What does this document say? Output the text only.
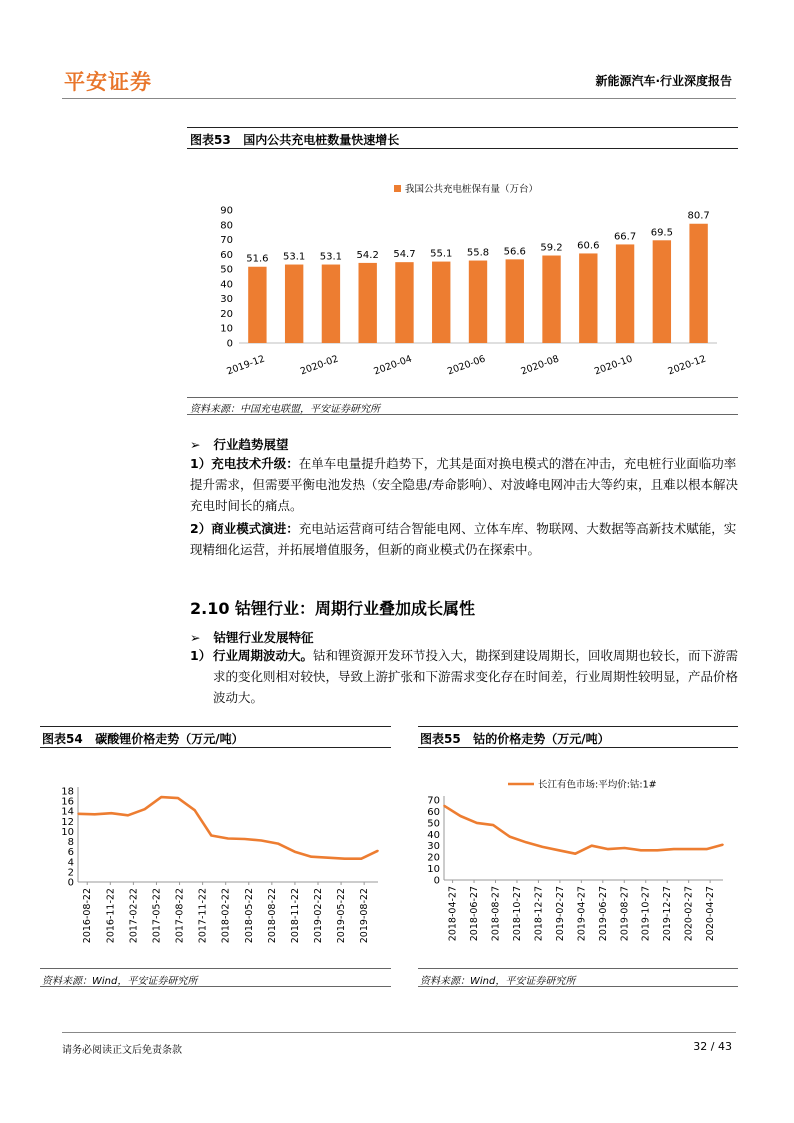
平安证券	新能源汽车·行业深度报告
图表53 国内公共充电桩数量快速增长
我国公共充电桩保有量（万台）
0
10
20
30
40
50
60
70
80
90
51.6
2019-12
53.1 53.1
2020-02
54.2 54.7
2020-04
55.1 55.8
2020-06
56.6 59.2
2020-08
60.6
66.7
2020-10
69.5
80.7
2020-12
资料来源：中国充电联盟，平安证券研究所
➢ 行业趋势展望
1）充电技术升级：在单车电量提升趋势下，尤其是面对换电模式的潜在冲击，充电桩行业面临功率提升需求，但需要平衡电池发热（安全隐患/寿命影响）、对波峰电网冲击大等约束，且难以根本解决充电时间长的痛点。
2）商业模式演进：充电站运营商可结合智能电网、立体车库、物联网、大数据等高新技术赋能，实现精细化运营，并拓展增值服务，但新的商业模式仍在探索中。
2.10 钴锂行业：周期行业叠加成长属性
➢ 钴锂行业发展特征
1） 行业周期波动大。钴和锂资源开发环节投入大，勘探到建设周期长，回收周期也较长，而下游需求的变化则相对较快，导致上游扩张和下游需求变化存在时间差，行业周期性较明显，产品价格波动大。
图表54 碳酸锂价格走势（万元/吨）
0
2
4
6
8
10
12
14
16
18
2016-08-22 2016-11-22 2017-02-22 2017-05-22 2017-08-22 2017-11-22 2018-02-22 2018-05-22 2018-08-22 2018-11-22 2019-02-22 2019-05-22 2019-08-22
资料来源：Wind，平安证券研究所
图表55 钴的价格走势（万元/吨）
0
10
20
30
40
50
60
70
2018-04-27 2018-06-27 2018-08-27 2018-10-27 2018-12-27 2019-02-27 2019-04-27 2019-06-27 2019-08-27 2019-10-27 2019-12-27 2020-02-27 2020-04-27
长江有色市场:平均价:钴:1#
资料来源：Wind，平安证券研究所
请务必阅读正文后免责条款	32 / 43
